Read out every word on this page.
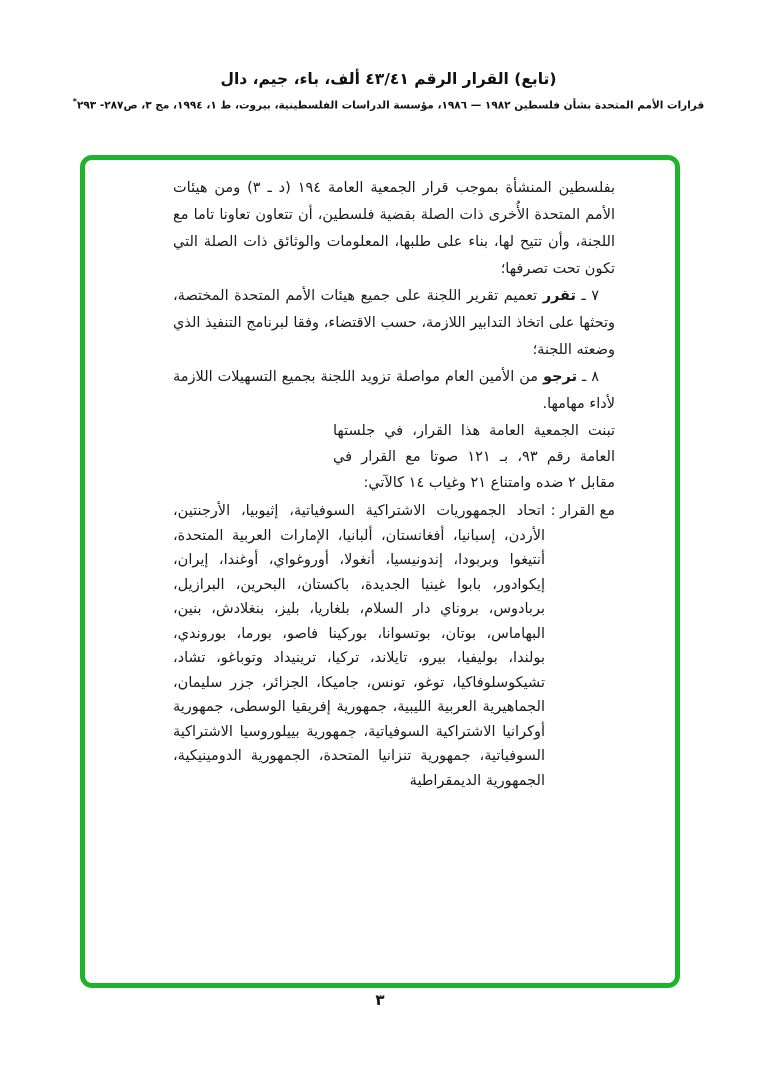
(تابع) القرار الرقم ٤٣/٤١ ألف، باء، جيم، دال
قرارات الأمم المتحدة بشأن فلسطين ١٩٨٢ — ١٩٨٦، مؤسسة الدراسات الفلسطينية، بيروت، ط ١، ١٩٩٤، مج ٣، ص٢٨٧- ٢٩٣*

بفلسطين المنشأة بموجب قرار الجمعية العامة ١٩٤ (د ـ ٣) ومن هيئات الأمم المتحدة الأُخرى ذات الصلة بقضية فلسطين، أن تتعاون تعاونا تاما مع اللجنة، وأن تتيح لها، بناء على طلبها، المعلومات والوثائق ذات الصلة التي تكون تحت تصرفها؛

٧ ـ تقرر تعميم تقرير اللجنة على جميع هيئات الأمم المتحدة المختصة، وتحثها على اتخاذ التدابير اللازمة، حسب الاقتضاء، وفقا لبرنامج التنفيذ الذي وضعته اللجنة؛

٨ ـ ترجو من الأمين العام مواصلة تزويد اللجنة بجميع التسهيلات اللازمة لأداء مهامها.

تبنت الجمعية العامة هذا القرار، في جلستها العامة رقم ٩٣، بـ ١٢١ صوتا مع القرار في مقابل ٢ ضده وامتناع ٢١ وغياب ١٤ كالآتي:

مع القرار :
اتحاد الجمهوريات الاشتراكية السوفياتية، إثيوبيا، الأرجنتين، الأردن، إسبانيا، أفغانستان، ألبانيا، الإمارات العربية المتحدة، أنتيغوا وبربودا، إندونيسيا، أنغولا، أوروغواي، أوغندا، إيران، إيكوادور، بابوا غينيا الجديدة، باكستان، البحرين، البرازيل، بربادوس، بروناي دار السلام، بلغاريا، بليز، بنغلادش، بنين، البهاماس، بوتان، بوتسوانا، بوركينا فاصو، بورما، بوروندي، بولندا، بوليفيا، بيرو، تايلاند، تركيا، ترينيداد وتوباغو، تشاد، تشيكوسلوفاكيا، توغو، تونس، جاميكا، الجزائر، جزر سليمان، الجماهيرية العربية الليبية، جمهورية إفريقيا الوسطى، جمهورية أوكرانيا الاشتراكية السوفياتية، جمهورية بييلوروسيا الاشتراكية السوفياتية، جمهورية تنزانيا المتحدة، الجمهورية الدومينيكية، الجمهورية الديمقراطية
٣
